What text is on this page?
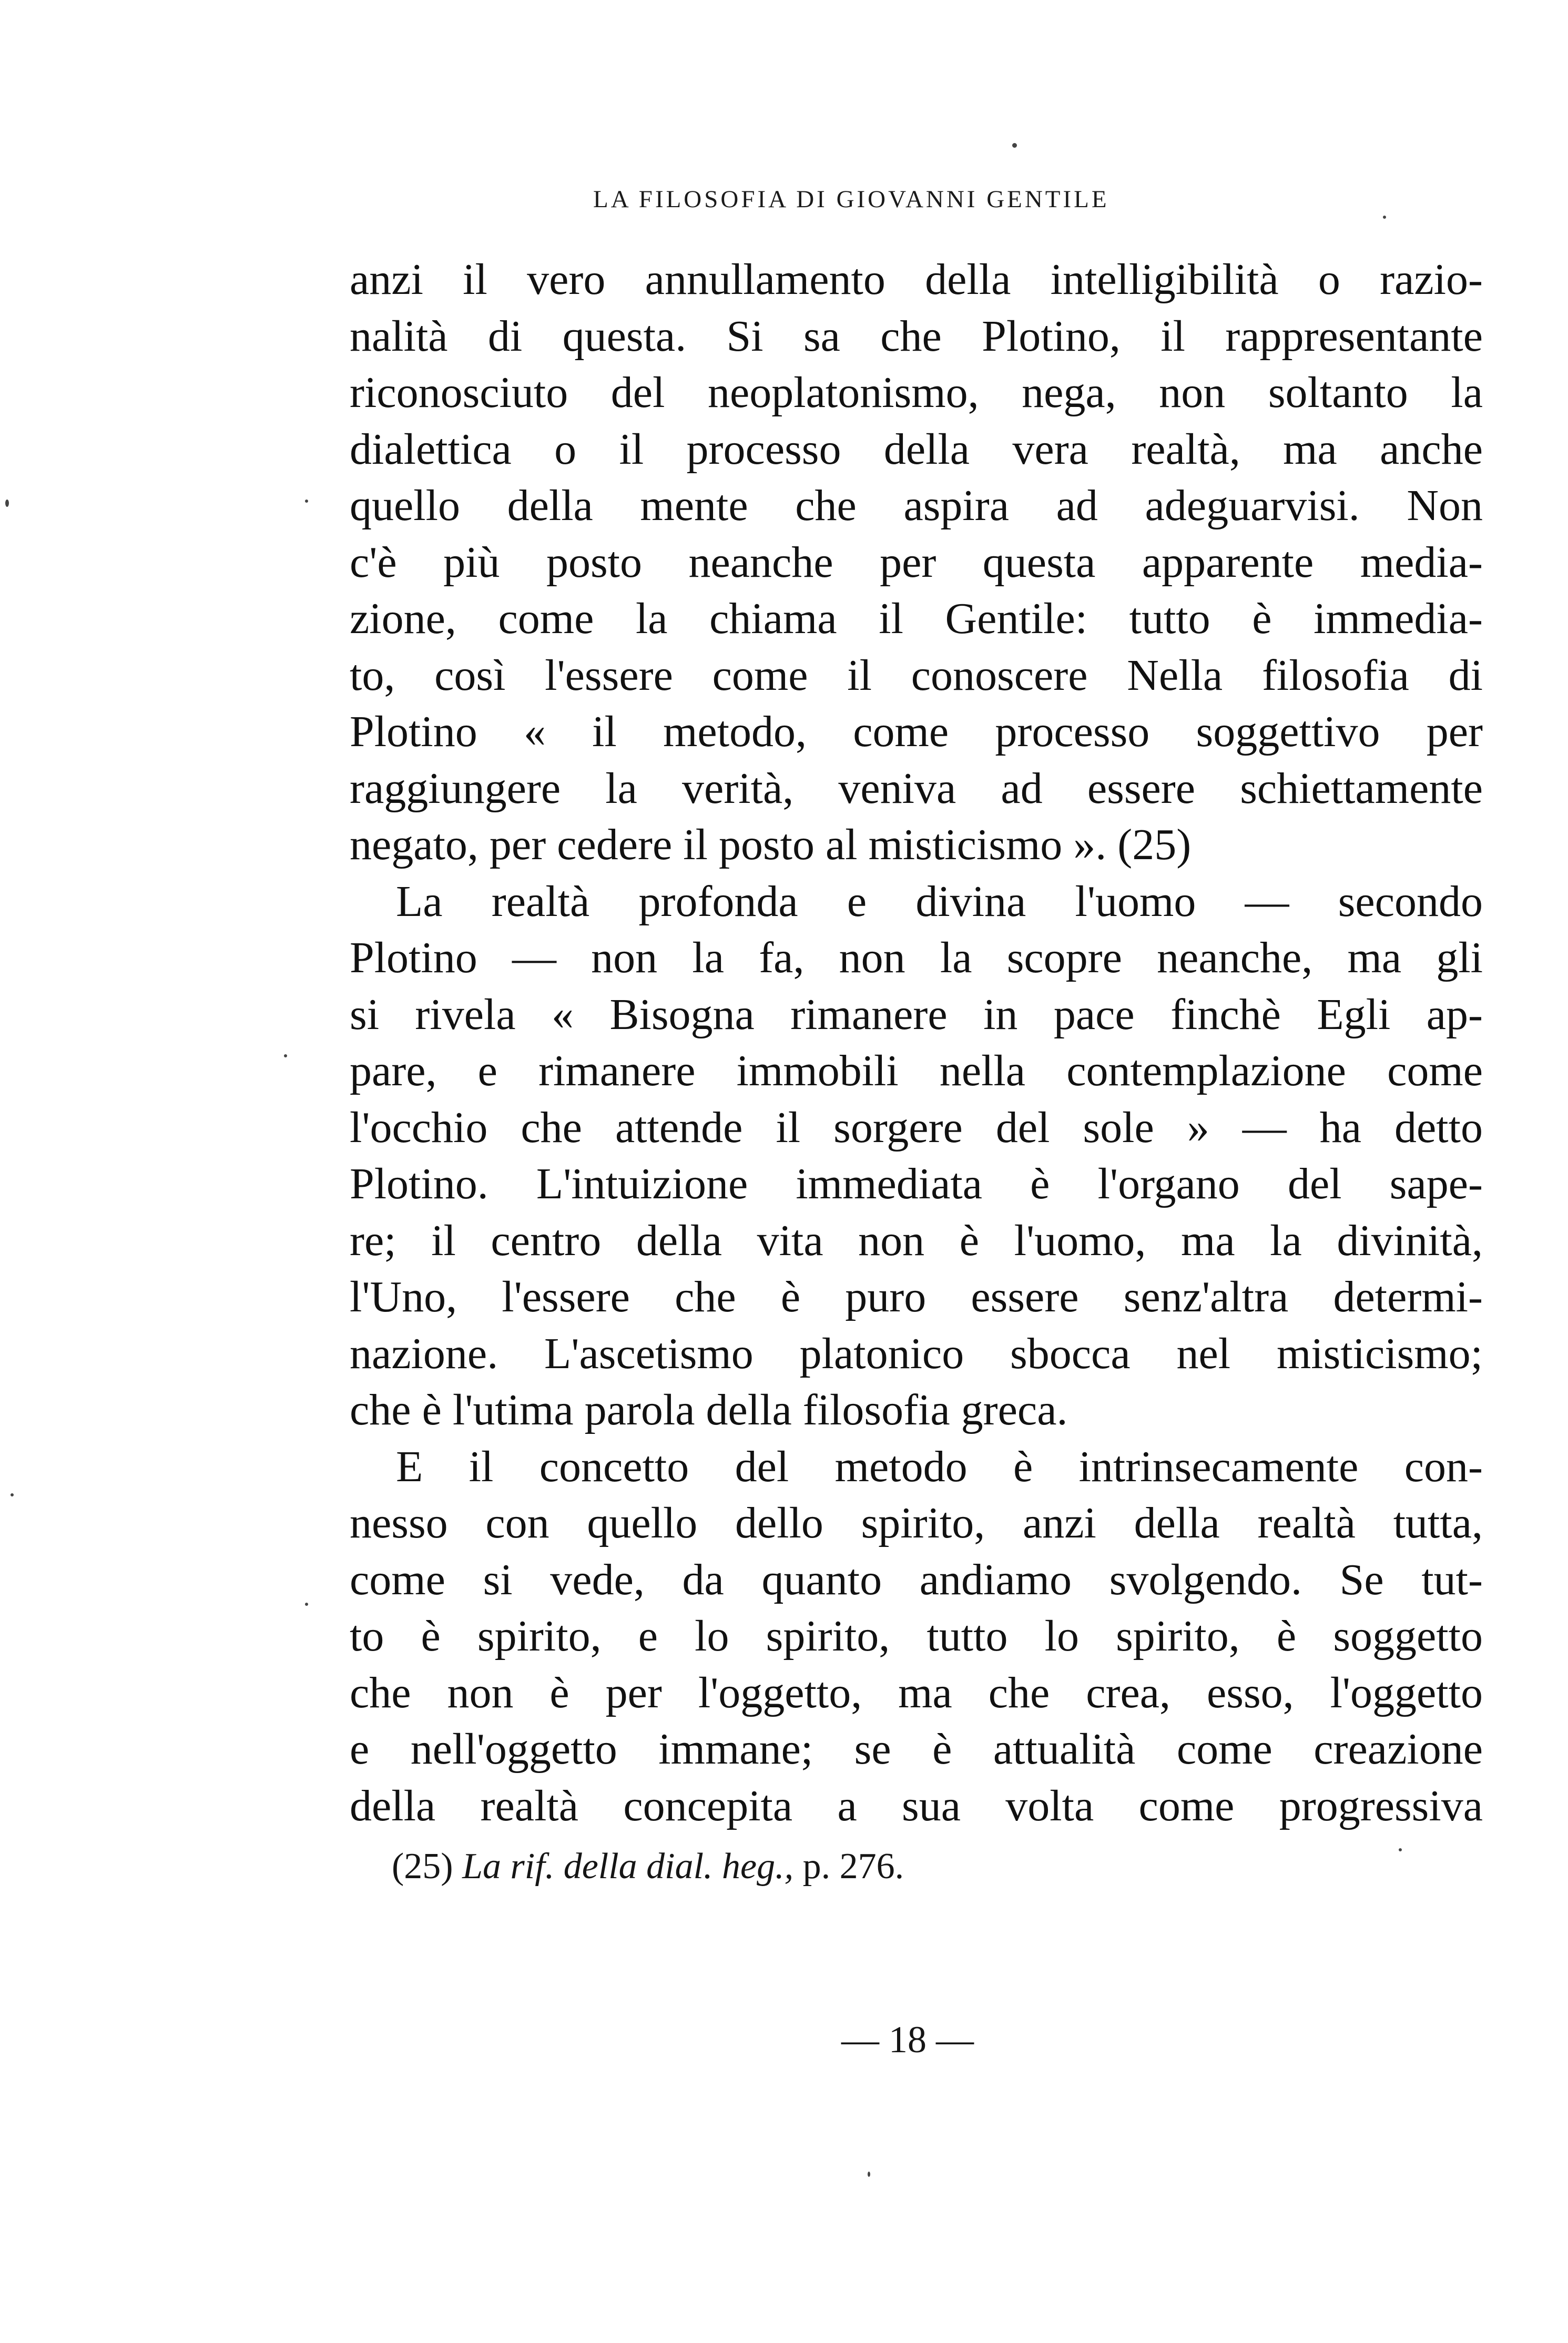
LA FILOSOFIA DI GIOVANNI GENTILE
anzi il vero annullamento della intelligibilità o razio-
nalità di questa. Si sa che Plotino, il rappresentante
riconosciuto del neoplatonismo, nega, non soltanto la
dialettica o il processo della vera realtà, ma anche
quello della mente che aspira ad adeguarvisi. Non
c'è più posto neanche per questa apparente media-
zione, come la chiama il Gentile: tutto è immedia-
to, così l'essere come il conoscere Nella filosofia di
Plotino « il metodo, come processo soggettivo per
raggiungere la verità, veniva ad essere schiettamente
negato, per cedere il posto al misticismo ». (25)
La realtà profonda e divina l'uomo — secondo
Plotino — non la fa, non la scopre neanche, ma gli
si rivela « Bisogna rimanere in pace finchè Egli ap-
pare, e rimanere immobili nella contemplazione come
l'occhio che attende il sorgere del sole » — ha detto
Plotino. L'intuizione immediata è l'organo del sape-
re; il centro della vita non è l'uomo, ma la divinità,
l'Uno, l'essere che è puro essere senz'altra determi-
nazione. L'ascetismo platonico sbocca nel misticismo;
che è l'utima parola della filosofia greca.
E il concetto del metodo è intrinsecamente con-
nesso con quello dello spirito, anzi della realtà tutta,
come si vede, da quanto andiamo svolgendo. Se tut-
to è spirito, e lo spirito, tutto lo spirito, è soggetto
che non è per l'oggetto, ma che crea, esso, l'oggetto
e nell'oggetto immane; se è attualità come creazione
della realtà concepita a sua volta come progressiva
(25) La rif. della dial. heg., p. 276.
— 18 —
